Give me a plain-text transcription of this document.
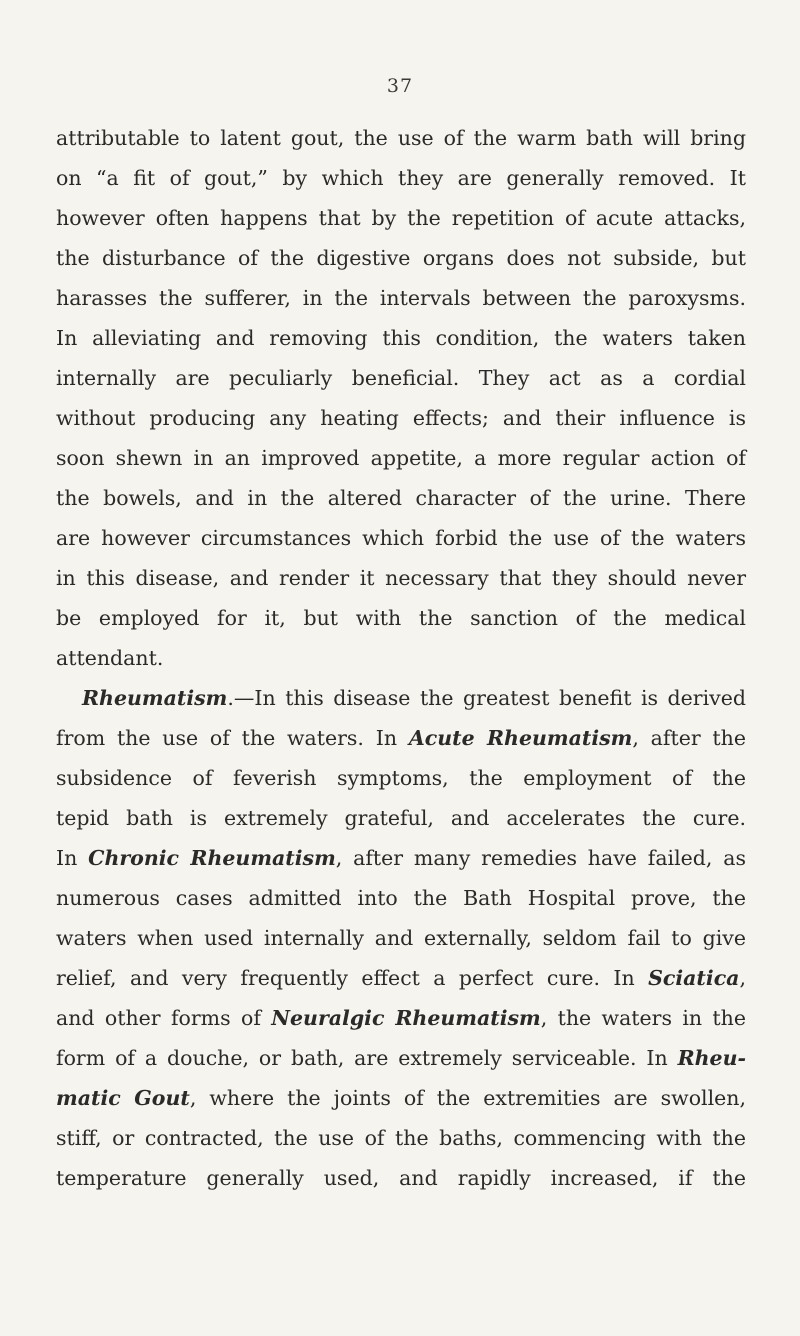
37
attributable to latent gout, the use of the warm bath will bring
on “a fit of gout,” by which they are generally removed. It
however often happens that by the repetition of acute attacks,
the disturbance of the digestive organs does not subside, but
harasses the sufferer, in the intervals between the paroxysms.
In alleviating and removing this condition, the waters taken
internally are peculiarly beneficial. They act as a cordial
without producing any heating effects; and their influence is
soon shewn in an improved appetite, a more regular action of
the bowels, and in the altered character of the urine. There
are however circumstances which forbid the use of the waters
in this disease, and render it necessary that they should never
be employed for it, but with the sanction of the medical
attendant.
Rheumatism.—In this disease the greatest benefit is derived
from the use of the waters. In Acute Rheumatism, after the
subsidence of feverish symptoms, the employment of the
tepid bath is extremely grateful, and accelerates the cure.
In Chronic Rheumatism, after many remedies have failed, as
numerous cases admitted into the Bath Hospital prove, the
waters when used internally and externally, seldom fail to give
relief, and very frequently effect a perfect cure. In Sciatica,
and other forms of Neuralgic Rheumatism, the waters in the
form of a douche, or bath, are extremely serviceable. In Rheu-
matic Gout, where the joints of the extremities are swollen,
stiff, or contracted, the use of the baths, commencing with the
temperature generally used, and rapidly increased, if the
